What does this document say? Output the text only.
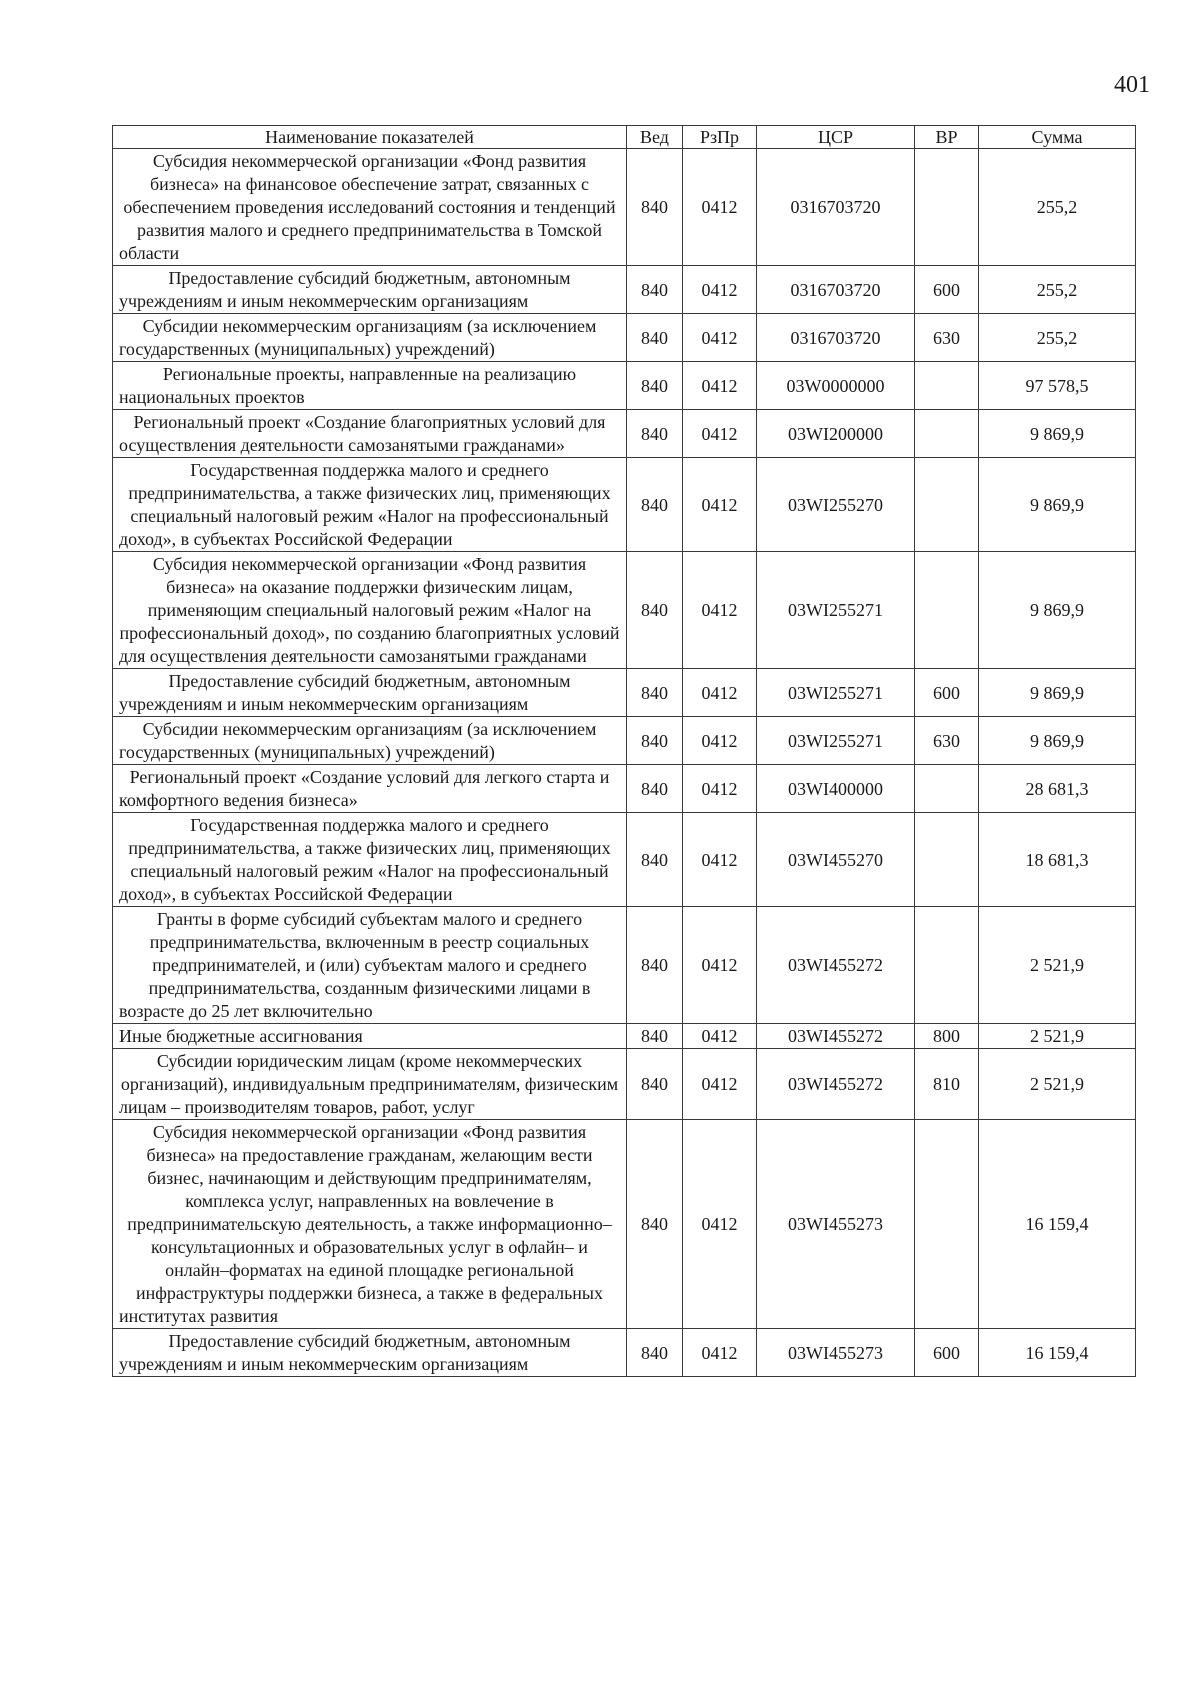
401
Наименование показателей	Вед	РзПр	ЦСР	ВР	Сумма
Субсидия некоммерческой организации «Фонд развития бизнеса» на финансовое обеспечение затрат, связанных с обеспечением проведения исследований состояния и тенденций развития малого и среднего предпринимательства в Томской области	840	0412	0316703720		255,2
Предоставление субсидий бюджетным, автономным учреждениям и иным некоммерческим организациям	840	0412	0316703720	600	255,2
Субсидии некоммерческим организациям (за исключением государственных (муниципальных) учреждений)	840	0412	0316703720	630	255,2
Региональные проекты, направленные на реализацию национальных проектов	840	0412	03W0000000		97 578,5
Региональный проект «Создание благоприятных условий для осуществления деятельности самозанятыми гражданами»	840	0412	03WI200000		9 869,9
Государственная поддержка малого и среднего предпринимательства, а также физических лиц, применяющих специальный налоговый режим «Налог на профессиональный доход», в субъектах Российской Федерации	840	0412	03WI255270		9 869,9
Субсидия некоммерческой организации «Фонд развития бизнеса» на оказание поддержки физическим лицам, применяющим специальный налоговый режим «Налог на профессиональный доход», по созданию благоприятных условий для осуществления деятельности самозанятыми гражданами	840	0412	03WI255271		9 869,9
Предоставление субсидий бюджетным, автономным учреждениям и иным некоммерческим организациям	840	0412	03WI255271	600	9 869,9
Субсидии некоммерческим организациям (за исключением государственных (муниципальных) учреждений)	840	0412	03WI255271	630	9 869,9
Региональный проект «Создание условий для легкого старта и комфортного ведения бизнеса»	840	0412	03WI400000		28 681,3
Государственная поддержка малого и среднего предпринимательства, а также физических лиц, применяющих специальный налоговый режим «Налог на профессиональный доход», в субъектах Российской Федерации	840	0412	03WI455270		18 681,3
Гранты в форме субсидий субъектам малого и среднего предпринимательства, включенным в реестр социальных предпринимателей, и (или) субъектам малого и среднего предпринимательства, созданным физическими лицами в возрасте до 25 лет включительно	840	0412	03WI455272		2 521,9
Иные бюджетные ассигнования	840	0412	03WI455272	800	2 521,9
Субсидии юридическим лицам (кроме некоммерческих организаций), индивидуальным предпринимателям, физическим лицам – производителям товаров, работ, услуг	840	0412	03WI455272	810	2 521,9
Субсидия некоммерческой организации «Фонд развития бизнеса» на предоставление гражданам, желающим вести бизнес, начинающим и действующим предпринимателям, комплекса услуг, направленных на вовлечение в предпринимательскую деятельность, а также информационно–консультационных и образовательных услуг в офлайн– и онлайн–форматах на единой площадке региональной инфраструктуры поддержки бизнеса, а также в федеральных институтах развития	840	0412	03WI455273		16 159,4
Предоставление субсидий бюджетным, автономным учреждениям и иным некоммерческим организациям	840	0412	03WI455273	600	16 159,4
